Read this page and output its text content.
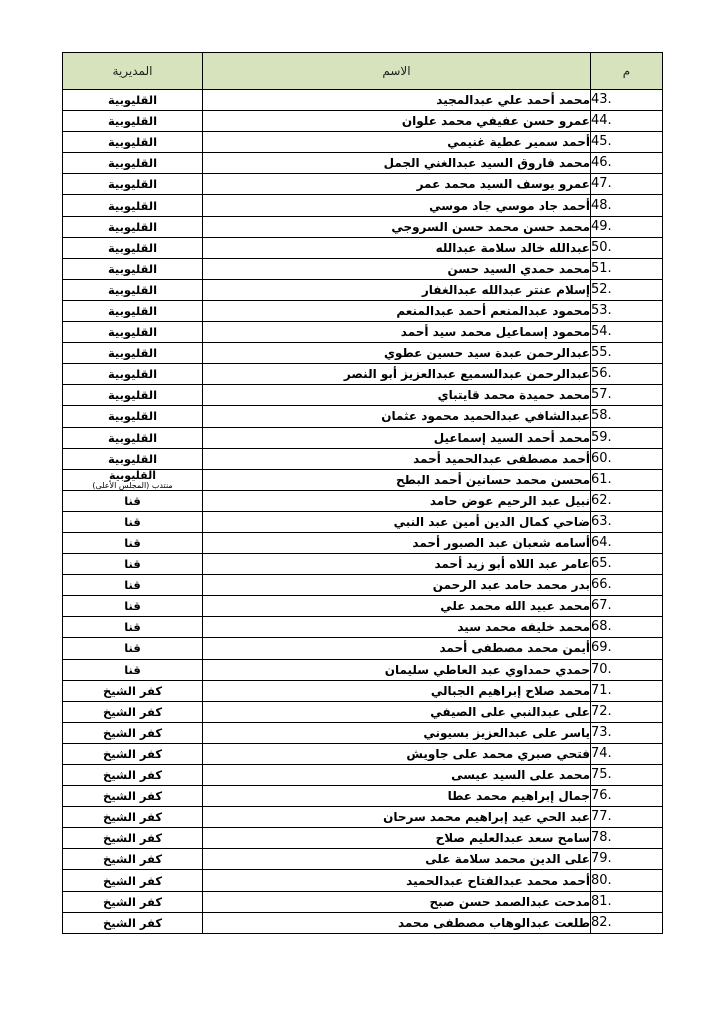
م	الاسم	المديرية
43.	محمد أحمد علي عبدالمجيد	القليوبية
44.	عمرو حسن عفيفي محمد علوان	القليوبية
45.	أحمد سمير عطية غنيمي	القليوبية
46.	محمد فاروق السيد عبدالغني الجمل	القليوبية
47.	عمرو يوسف السيد محمد عمر	القليوبية
48.	أحمد جاد موسي جاد موسي	القليوبية
49.	محمد حسن محمد حسن السروجي	القليوبية
50.	عبدالله خالد سلامة عبدالله	القليوبية
51.	محمد حمدي السيد حسن	القليوبية
52.	إسلام عنتر عبدالله عبدالغفار	القليوبية
53.	محمود عبدالمنعم أحمد عبدالمنعم	القليوبية
54.	محمود إسماعيل محمد سيد أحمد	القليوبية
55.	عبدالرحمن عبدة سيد حسين عطوي	القليوبية
56.	عبدالرحمن عبدالسميع عبدالعزيز أبو النصر	القليوبية
57.	محمد حميدة محمد قايتباي	القليوبية
58.	عبدالشافي عبدالحميد محمود عثمان	القليوبية
59.	محمد أحمد السيد إسماعيل	القليوبية
60.	أحمد مصطفى عبدالحميد أحمد	القليوبية
61.	محسن محمد حسانين أحمد البطح	القليوبية
منتدب (المجلس الأعلى)

62.	نبيل عبد الرحيم عوض حامد	قنا
63.	ضاحي كمال الدين أمين عبد النبي	قنا
64.	أسامه شعبان عبد الصبور أحمد	قنا
65.	عامر عبد اللاه أبو زيد أحمد	قنا
66.	بدر محمد حامد عبد الرحمن	قنا
67.	محمد عبيد الله محمد علي	قنا
68.	محمد خليفه محمد سيد	قنا
69.	أيمن محمد مصطفى أحمد	قنا
70.	حمدي حمداوي عبد العاطي سليمان	قنا
71.	محمد صلاح إبراهيم الجبالي	كفر الشيخ
72.	على عبدالنبي على الصيفي	كفر الشيخ
73.	ياسر على عبدالعزيز بسيوني	كفر الشيخ
74.	فتحي صبري محمد على جاويش	كفر الشيخ
75.	محمد على السيد عيسى	كفر الشيخ
76.	جمال إبراهيم محمد عطا	كفر الشيخ
77.	عبد الحي عيد إبراهيم محمد سرحان	كفر الشيخ
78.	سامح سعد عبدالعليم صلاح	كفر الشيخ
79.	على الدين محمد سلامة على	كفر الشيخ
80.	أحمد محمد عبدالفتاح عبدالحميد	كفر الشيخ
81.	مدحت عبدالصمد حسن صبح	كفر الشيخ
82.	طلعت عبدالوهاب مصطفى محمد	كفر الشيخ
